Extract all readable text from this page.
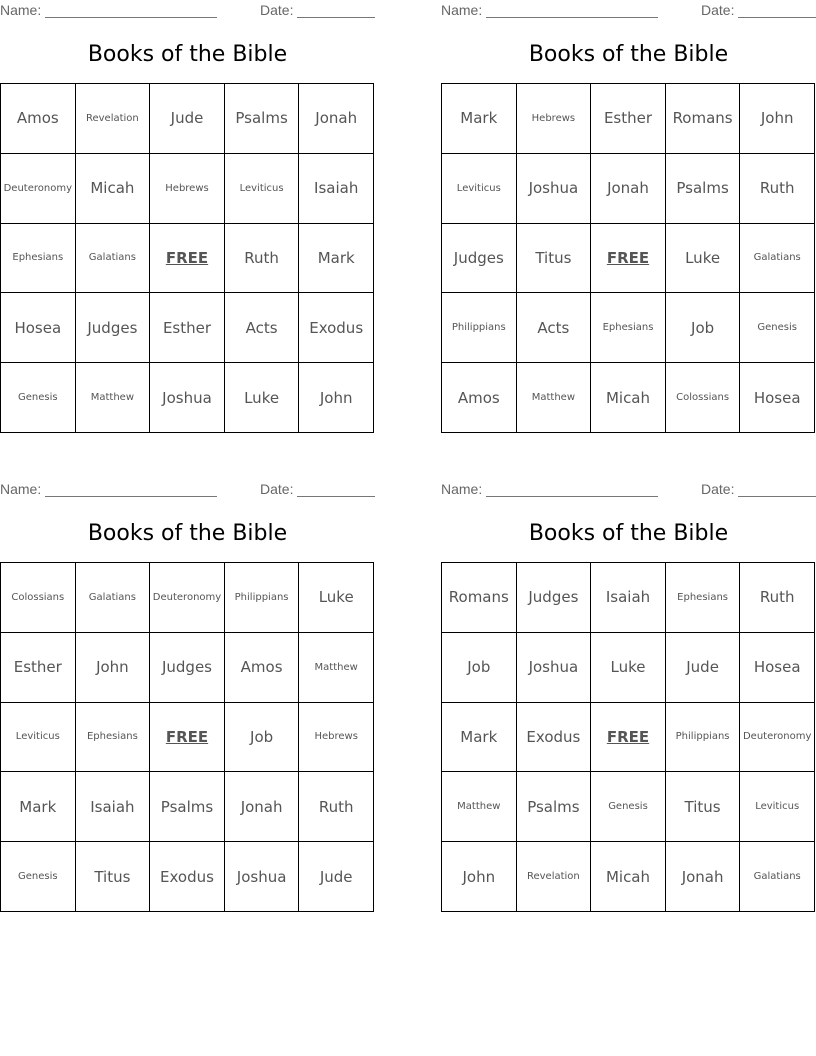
Name:	Date:
Books of the Bible
Amos	Revelation	Jude	Psalms	Jonah
Deuteronomy	Micah	Hebrews	Leviticus	Isaiah
Ephesians	Galatians	FREE	Ruth	Mark
Hosea	Judges	Esther	Acts	Exodus
Genesis	Matthew	Joshua	Luke	John
Name:	Date:
Books of the Bible
Mark	Hebrews	Esther	Romans	John
Leviticus	Joshua	Jonah	Psalms	Ruth
Judges	Titus	FREE	Luke	Galatians
Philippians	Acts	Ephesians	Job	Genesis
Amos	Matthew	Micah	Colossians	Hosea
Name:	Date:
Books of the Bible
Colossians	Galatians	Deuteronomy	Philippians	Luke
Esther	John	Judges	Amos	Matthew
Leviticus	Ephesians	FREE	Job	Hebrews
Mark	Isaiah	Psalms	Jonah	Ruth
Genesis	Titus	Exodus	Joshua	Jude
Name:	Date:
Books of the Bible
Romans	Judges	Isaiah	Ephesians	Ruth
Job	Joshua	Luke	Jude	Hosea
Mark	Exodus	FREE	Philippians	Deuteronomy
Matthew	Psalms	Genesis	Titus	Leviticus
John	Revelation	Micah	Jonah	Galatians
